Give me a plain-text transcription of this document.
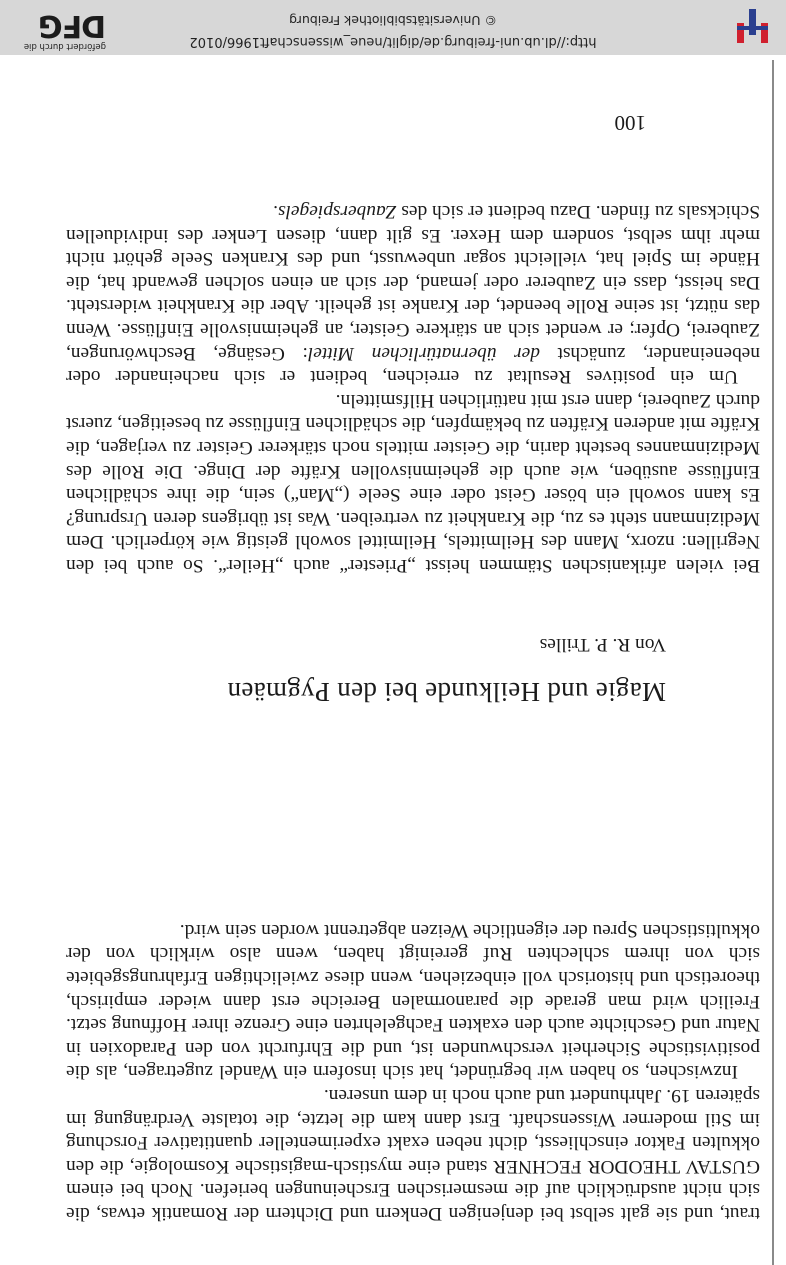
traut, und sie galt selbst bei denjenigen Denkern und Dichtern der Romantik etwas, die sich nicht ausdrücklich auf die mesmerischen Erscheinungen beriefen. Noch bei einem GUSTAV THEODOR FECHNER stand eine mystisch-magistische Kosmologie, die den okkulten Faktor einschliesst, dicht neben exakt experimenteller quantitativer Forschung im Stil moderner Wissenschaft. Erst dann kam die letzte, die totalste Verdrängung im späteren 19. Jahrhundert und auch noch in dem unseren.

Inzwischen, so haben wir begründet, hat sich insofern ein Wandel zugetragen, als die positivistische Sicherheit verschwunden ist, und die Ehrfurcht von den Paradoxien in Natur und Geschichte auch den exakten Fachgelehrten eine Grenze ihrer Hoffnung setzt. Freilich wird man gerade die paranormalen Bereiche erst dann wieder empirisch, theoretisch und historisch voll einbeziehen, wenn diese zwielichtigen Erfahrungsgebiete sich von ihrem schlechten Ruf gereinigt haben, wenn also wirklich von der okkultistischen Spreu der eigentliche Weizen abgetrennt worden sein wird.

Magie und Heilkunde bei den Pygmäen
Von R. P. Trilles

Bei vielen afrikanischen Stämmen heisst „Priester“ auch „Heiler“. So auch bei den Negrillen: nzorx, Mann des Heilmittels, Heilmittel sowohl geistig wie körperlich. Dem Medizinmann steht es zu, die Krankheit zu vertreiben. Was ist übrigens deren Ursprung? Es kann sowohl ein böser Geist oder eine Seele („Man“) sein, die ihre schädlichen Einflüsse ausüben, wie auch die geheimnisvollen Kräfte der Dinge. Die Rolle des Medizinmannes besteht darin, die Geister mittels noch stärkerer Geister zu verjagen, die Kräfte mit anderen Kräften zu bekämpfen, die schädlichen Einflüsse zu beseitigen, zuerst durch Zauberei, dann erst mit natürlichen Hilfsmitteln.

Um ein positives Resultat zu erreichen, bedient er sich nacheinander oder nebeneinander, zunächst der übernatürlichen Mittel: Gesänge, Beschwörungen, Zauberei, Opfer; er wendet sich an stärkere Geister, an geheimnisvolle Einflüsse. Wenn das nützt, ist seine Rolle beendet, der Kranke ist geheilt. Aber die Krankheit widersteht. Das heisst, dass ein Zauberer oder jemand, der sich an einen solchen gewandt hat, die Hände im Spiel hat, vielleicht sogar unbewusst, und des Kranken Seele gehört nicht mehr ihm selbst, sondern dem Hexer. Es gilt dann, diesen Lenker des individuellen Schicksals zu finden. Dazu bedient er sich des Zauberspiegels.

100
http://dl.ub.uni-freiburg.de/diglit/neue_wissenschaft1966/0102
© Universitätsbibliothek Freiburg
gefördert durch die
DFG
